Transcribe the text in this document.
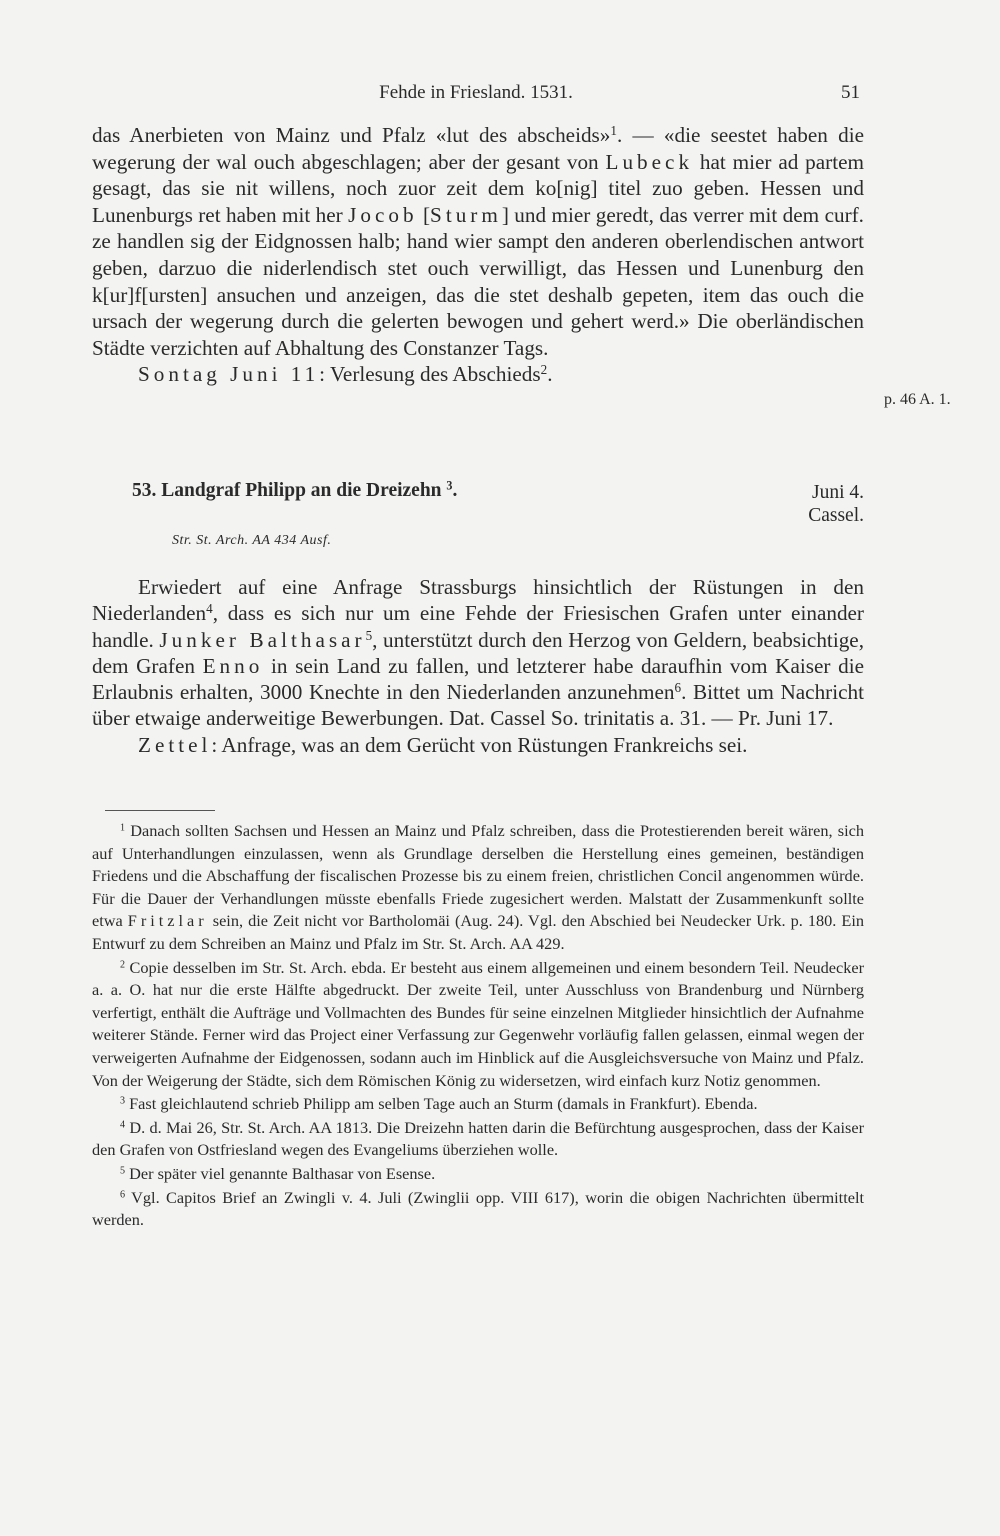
Fehde in Friesland. 1531.	51

das Anerbieten von Mainz und Pfalz «lut des abscheids»$^1$. — «die seestet haben die wegerung der wal ouch abgeschlagen; aber der gesant von Lubeck hat mier ad partem gesagt, das sie nit willens, noch zuor zeit dem ko[nig] titel zuo geben. Hessen und Lunenburgs ret haben mit her Jocob [Sturm] und mier geredt, das verrer mit dem curf. ze handlen sig der Eidgnossen halb; hand wier sampt den anderen oberlendischen antwort geben, darzuo die niderlendisch stet ouch verwilligt, das Hessen und Lunenburg den k[ur]f[ursten] ansuchen und anzeigen, das die stet deshalb gepeten, item das ouch die ursach der wegerung durch die gelerten bewogen und gehert werd.» Die oberländischen Städte verzichten auf Abhaltung des Constanzer Tags.

Sontag Juni 11: Verlesung des Abschieds$^2$.

p. 46 A. 1.
53. Landgraf Philipp an die Dreizehn $^3$.	Juni 4.
Cassel.
Str. St. Arch. AA 434 Ausf.

Erwiedert auf eine Anfrage Strassburgs hinsichtlich der Rüstungen in den Niederlanden$^4$, dass es sich nur um eine Fehde der Friesischen Grafen unter einander handle. Junker Balthasar$^5$, unterstützt durch den Herzog von Geldern, beabsichtige, dem Grafen Enno in sein Land zu fallen, und letzterer habe daraufhin vom Kaiser die Erlaubnis erhalten, 3000 Knechte in den Niederlanden anzunehmen$^6$. Bittet um Nachricht über etwaige anderweitige Bewerbungen. Dat. Cassel So. trinitatis a. 31. — Pr. Juni 17.

Zettel: Anfrage, was an dem Gerücht von Rüstungen Frankreichs sei.

$^1$ Danach sollten Sachsen und Hessen an Mainz und Pfalz schreiben, dass die Protestierenden bereit wären, sich auf Unterhandlungen einzulassen, wenn als Grundlage derselben die Herstellung eines gemeinen, beständigen Friedens und die Abschaffung der fiscalischen Prozesse bis zu einem freien, christlichen Concil angenommen würde. Für die Dauer der Verhandlungen müsste ebenfalls Friede zugesichert werden. Malstatt der Zusammenkunft sollte etwa Fritzlar sein, die Zeit nicht vor Bartholomäi (Aug. 24). Vgl. den Abschied bei Neudecker Urk. p. 180. Ein Entwurf zu dem Schreiben an Mainz und Pfalz im Str. St. Arch. AA 429.

$^2$ Copie desselben im Str. St. Arch. ebda. Er besteht aus einem allgemeinen und einem besondern Teil. Neudecker a. a. O. hat nur die erste Hälfte abgedruckt. Der zweite Teil, unter Ausschluss von Brandenburg und Nürnberg verfertigt, enthält die Aufträge und Vollmachten des Bundes für seine einzelnen Mitglieder hinsichtlich der Aufnahme weiterer Stände. Ferner wird das Project einer Verfassung zur Gegenwehr vorläufig fallen gelassen, einmal wegen der verweigerten Aufnahme der Eidgenossen, sodann auch im Hinblick auf die Ausgleichsversuche von Mainz und Pfalz. Von der Weigerung der Städte, sich dem Römischen König zu widersetzen, wird einfach kurz Notiz genommen.

$^3$ Fast gleichlautend schrieb Philipp am selben Tage auch an Sturm (damals in Frankfurt). Ebenda.

$^4$ D. d. Mai 26, Str. St. Arch. AA 1813. Die Dreizehn hatten darin die Befürchtung ausgesprochen, dass der Kaiser den Grafen von Ostfriesland wegen des Evangeliums überziehen wolle.

$^5$ Der später viel genannte Balthasar von Esense.

$^6$ Vgl. Capitos Brief an Zwingli v. 4. Juli (Zwinglii opp. VIII 617), worin die obigen Nachrichten übermittelt werden.
